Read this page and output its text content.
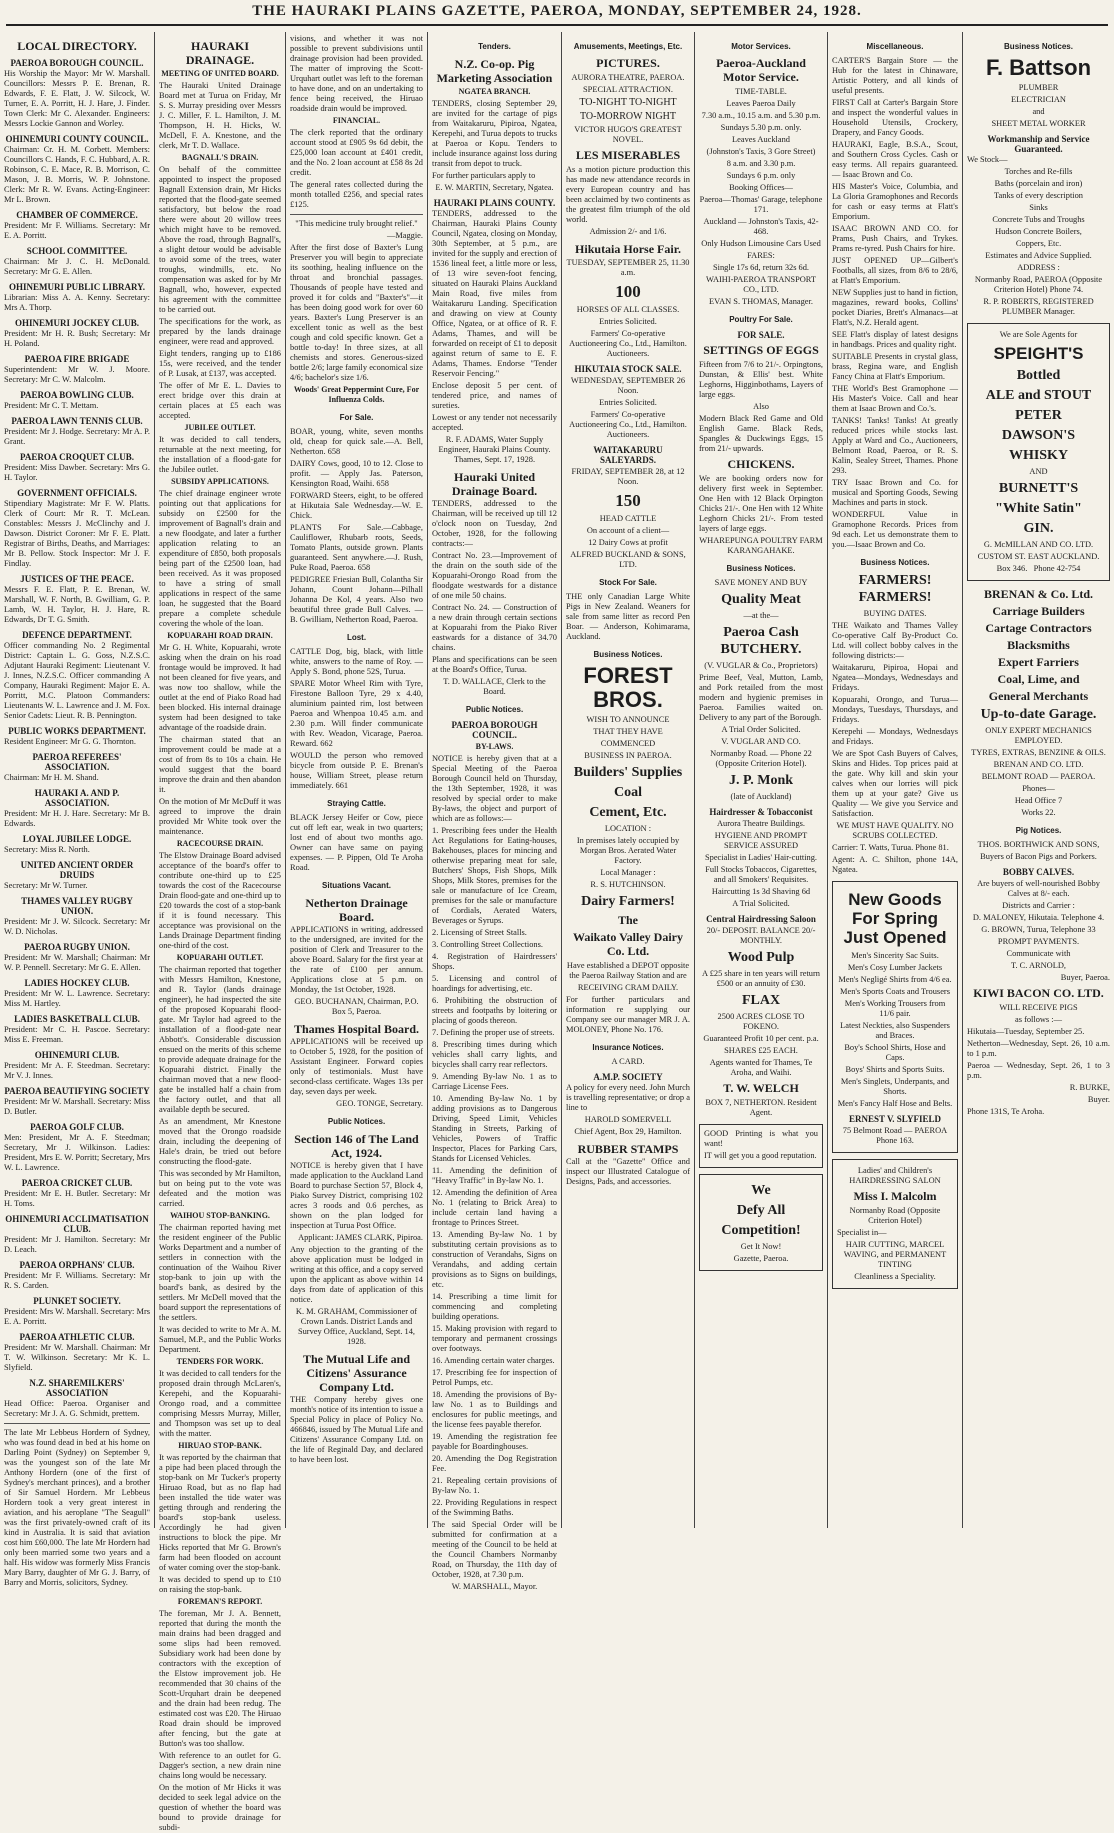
THE HAURAKI PLAINS GAZETTE, PAEROA, MONDAY, SEPTEMBER 24, 1928.
LOCAL DIRECTORY.
PAEROA BOROUGH COUNCIL.
His Worship the Mayor: Mr W. Marshall. Councillors: Messrs P. E. Brenan, R. Edwards, F. E. Flatt, J. W. Silcock, W. Turner, E. A. Porritt, H. J. Hare, J. Finder. Town Clerk: Mr C. Alexander. Engineers: Messrs Lockie Gannon and Worley.
OHINEMURI COUNTY COUNCIL.
Chairman: Cr. H. M. Corbett. Members: Councillors C. Hands, F. C. Hubbard, A. R. Robinson, C. E. Mace, R. B. Morrison, C. Mason, J. B. Morris, W. P. Johnstone. Clerk: Mr R. W. Evans. Acting-Engineer: Mr L. Brown.
CHAMBER OF COMMERCE.
President: Mr F. Williams. Secretary: Mr E. A. Porritt.
SCHOOL COMMITTEE.
Chairman: Mr J. C. H. McDonald. Secretary: Mr G. E. Allen.
OHINEMURI PUBLIC LIBRARY.
Librarian: Miss A. A. Kenny. Secretary: Mrs A. Thorp.
OHINEMURI JOCKEY CLUB.
President: Mr H. R. Bush; Secretary: Mr H. Poland.
PAEROA FIRE BRIGADE
Superintendent: Mr W. J. Moore. Secretary: Mr C. W. Malcolm.
PAEROA BOWLING CLUB.
President: Mr C. T. Mettam.
PAEROA LAWN TENNIS CLUB.
President: Mr J. Hodge. Secretary: Mr A. P. Grant.
PAEROA CROQUET CLUB.
President: Miss Dawber. Secretary: Mrs G. H. Taylor.
GOVERNMENT OFFICIALS.
Stipendiary Magistrate: Mr F. W. Platts. Clerk of Court: Mr R. T. McLean. Constables: Messrs J. McClinchy and J. Dawson. District Coroner: Mr F. E. Platt. Registrar of Births, Deaths, and Marriages: Mr B. Pellow. Stock Inspector: Mr J. F. Findlay.
JUSTICES OF THE PEACE.
Messrs F. E. Flatt, P. E. Brenan, W. Marshall, W. F. North, B. Gwilliam, G. P. Lamb, W. H. Taylor, H. J. Hare, R. Edwards, Dr T. G. Smith.
DEFENCE DEPARTMENT.
Officer commanding No. 2 Regimental District: Captain L. G. Goss, N.Z.S.C. Adjutant Hauraki Regiment: Lieutenant V. J. Innes, N.Z.S.C. Officer commanding A Company, Hauraki Regiment: Major E. A. Porritt, M.C. Platoon Commanders: Lieutenants W. L. Lawrence and J. M. Fox. Senior Cadets: Lieut. R. B. Pennington.
PUBLIC WORKS DEPARTMENT.
Resident Engineer: Mr G. G. Thornton.
PAEROA REFEREES' ASSOCIATION.
Chairman: Mr H. M. Shand.
HAURAKI A. AND P. ASSOCIATION.
President: Mr H. J. Hare. Secretary: Mr B. Edwards.
LOYAL JUBILEE LODGE.
Secretary: Miss R. North.
UNITED ANCIENT ORDER DRUIDS
Secretary: Mr W. Turner.
THAMES VALLEY RUGBY UNION.
President: Mr J. W. Silcock. Secretary: Mr W. D. Nicholas.
PAEROA RUGBY UNION.
President: Mr W. Marshall; Chairman: Mr W. P. Pennell. Secretary: Mr G. E. Allen.
LADIES HOCKEY CLUB.
President: Mr W. L. Lawrence. Secretary: Miss M. Hartley.
LADIES BASKETBALL CLUB.
President: Mr C. H. Pascoe. Secretary: Miss E. Freeman.
OHINEMURI CLUB.
President: Mr A. F. Steedman. Secretary: Mr V. J. Innes.
PAEROA BEAUTIFYING SOCIETY
President: Mr W. Marshall. Secretary: Miss D. Butler.
PAEROA GOLF CLUB.
Men: President, Mr A. F. Steedman; Secretary, Mr J. Wilkinson. Ladies: President, Mrs E. W. Porritt; Secretary, Mrs W. L. Lawrence.
PAEROA CRICKET CLUB.
President: Mr E. H. Butler. Secretary: Mr H. Toms.
OHINEMURI ACCLIMATISATION CLUB.
President: Mr J. Hamilton. Secretary: Mr D. Leach.
PAEROA ORPHANS' CLUB.
President: Mr F. Williams. Secretary: Mr R. S. Carden.
PLUNKET SOCIETY.
President: Mrs W. Marshall. Secretary: Mrs E. A. Porritt.
PAEROA ATHLETIC CLUB.
President: Mr W. Marshall. Chairman: Mr T. W. Wilkinson. Secretary: Mr K. L. Slyfield.
N.Z. SHAREMILKERS' ASSOCIATION
Head Office: Paeroa. Organiser and Secretary: Mr J. A. G. Schmidt, prettem.
The late Mr Lebbeus Hordern of Sydney, who was found dead in bed at his home on Darling Point (Sydney) on September 9, was the youngest son of the late Mr Anthony Hordern (one of the first of Sydney's merchant princes), and a brother of Sir Samuel Hordern. Mr Lebbeus Hordern took a very great interest in aviation, and his aeroplane "The Seagull" was the first privately-owned craft of its kind in Australia. It is said that aviation cost him £60,000. The late Mr Hordern had only been married some two years and a half. His widow was formerly Miss Francis Mary Barry, daughter of Mr G. J. Barry, of Barry and Morris, solicitors, Sydney.
HAURAKI DRAINAGE.
MEETING OF UNITED BOARD.
The Hauraki United Drainage Board met at Turua on Friday, Mr S. S. Murray presiding over Messrs J. C. Miller, F. L. Hamilton, J. M. Thompson, H. H. Hicks, W. McDell, F. A. Knestone, and the clerk, Mr T. D. Wallace.
BAGNALL'S DRAIN.
On behalf of the committee appointed to inspect the proposed Bagnall Extension drain, Mr Hicks reported that the flood-gate seemed satisfactory, but below the road there were about 20 willow trees which might have to be removed. Above the road, through Bagnall's, a slight detour would be advisable to avoid some of the trees, water troughs, windmills, etc. No compensation was asked for by Mr Bagnall, who, however, expected his agreement with the committee to be carried out.
The specifications for the work, as prepared by the lands drainage engineer, were read and approved.
Eight tenders, ranging up to £186 15s, were received, and the tender of P. Lusak, at £137, was accepted.
The offer of Mr E. L. Davies to erect bridge over this drain at certain places at £5 each was accepted.
JUBILEE OUTLET.
It was decided to call tenders, returnable at the next meeting, for the installation of a flood-gate for the Jubilee outlet.
SUBSIDY APPLICATIONS.
The chief drainage engineer wrote pointing out that applications for subsidy on £2500 for the improvement of Bagnall's drain and a new floodgate, and later a further application relating to an expenditure of £850, both proposals being part of the £2500 loan, had been received. As it was proposed to have a string of small applications in respect of the same loan, he suggested that the Board prepare a complete schedule covering the whole of the loan.
KOPUARAHI ROAD DRAIN.
Mr G. H. White, Kopuarahi, wrote asking when the drain on his road frontage would be improved. It had not been cleaned for five years, and was now too shallow, while the outlet at the end of Piako Road had been blocked. His internal drainage system had been designed to take advantage of the roadside drain.
The chairman stated that an improvement could be made at a cost of from 8s to 10s a chain. He would suggest that the board improve the drain and then abandon it.
On the motion of Mr McDuff it was agreed to improve the drain provided Mr White took over the maintenance.
RACECOURSE DRAIN.
The Elstow Drainage Board advised acceptance of the board's offer to contribute one-third up to £25 towards the cost of the Racecourse Drain flood-gate and one-third up to £20 towards the cost of a stop-bank if it is found necessary. This acceptance was provisional on the Lands Drainage Department finding one-third of the cost.
KOPUARAHI OUTLET.
The chairman reported that together with Messrs Hamilton, Knestone, and R. Taylor (lands drainage engineer), he had inspected the site of the proposed Kopuarahi flood-gate. Mr Taylor had agreed to the installation of a flood-gate near Abbott's. Considerable discussion ensued on the merits of this scheme to provide adequate drainage for the Kopuarahi district. Finally the chairman moved that a new flood-gate be installed half a chain from the factory outlet, and that all available depth be secured.
As an amendment, Mr Knestone moved that the Orongo roadside drain, including the deepening of Hale's drain, be tried out before constructing the flood-gate.
This was seconded by Mr Hamilton, but on being put to the vote was defeated and the motion was carried.
WAIHOU STOP-BANKING.
The chairman reported having met the resident engineer of the Public Works Department and a number of settlers in connection with the continuation of the Waihou River stop-bank to join up with the board's bank, as desired by the settlers. Mr McDell moved that the board support the representations of the settlers.
It was decided to write to Mr A. M. Samuel, M.P., and the Public Works Department.
TENDERS FOR WORK.
It was decided to call tenders for the proposed drain through McLaren's, Kerepehi, and the Kopuarahi-Orongo road, and a committee comprising Messrs Murray, Miller, and Thompson was set up to deal with the matter.
HIRUAO STOP-BANK.
It was reported by the chairman that a pipe had been placed through the stop-bank on Mr Tucker's property Hiruao Road, but as no flap had been installed the tide water was getting through and rendering the board's stop-bank useless. Accordingly he had given instructions to block the pipe. Mr Hicks reported that Mr G. Brown's farm had been flooded on account of water coming over the stop-bank.
It was decided to spend up to £10 on raising the stop-bank.
FOREMAN'S REPORT.
The foreman, Mr J. A. Bennett, reported that during the month the main drains had been dragged and some slips had been removed. Subsidiary work had been done by contractors with the exception of the Elstow improvement job. He recommended that 30 chains of the Scott-Urquhart drain be deepened and the drain had been redug. The estimated cost was £20. The Hiruao Road drain should be improved after fencing, but the gate at Button's was too shallow.
With reference to an outlet for G. Dagger's section, a new drain nine chains long would be necessary.
On the motion of Mr Hicks it was decided to seek legal advice on the question of whether the board was bound to provide drainage for subdi-
visions, and whether it was not possible to prevent subdivisions until drainage provision had been provided. The matter of improving the Scott-Urquhart outlet was left to the foreman to have done, and on an undertaking to fence being received, the Hiruao roadside drain would be improved.
FINANCIAL.
The clerk reported that the ordinary account stood at £905 9s 6d debit, the £25,000 loan account at £401 credit, and the No. 2 loan account at £58 8s 2d credit.
The general rates collected during the month totalled £256, and special rates £125.
"This medicine truly brought relief."
—Maggie.
After the first dose of Baxter's Lung Preserver you will begin to appreciate its soothing, healing influence on the throat and bronchial passages. Thousands of people have tested and proved it for colds and "Baxter's"—it has been doing good work for over 60 years. Baxter's Lung Preserver is an excellent tonic as well as the best cough and cold specific known. Get a bottle to-day! In three sizes, at all chemists and stores. Generous-sized bottle 2/6; large family economical size 4/6; bachelor's size 1/6.
Woods' Great Peppermint Cure, For Influenza Colds.
For Sale.
BOAR, young, white, seven months old, cheap for quick sale.—A. Bell, Netherton. 658
DAIRY Cows, good, 10 to 12. Close to profit. — Apply Jas. Paterson, Kensington Road, Waihi. 658
FORWARD Steers, eight, to be offered at Hikutaia Sale Wednesday.—W. E. Chick.
PLANTS For Sale.—Cabbage, Cauliflower, Rhubarb roots, Seeds, Tomato Plants, outside grown. Plants guaranteed. Sent anywhere.—J. Rush, Puke Road, Paeroa. 658
PEDIGREE Friesian Bull, Colantha Sir Johann, Count Johann—Pilhall Johanna De Kol, 4 years. Also two beautiful three grade Bull Calves. — B. Gwilliam, Netherton Road, Paeroa.
Lost.
CATTLE Dog, big, black, with little white, answers to the name of Roy. — Apply S. Bond, phone 52S, Turua.
SPARE Motor Wheel Rim with Tyre, Firestone Balloon Tyre, 29 x 4.40, aluminium painted rim, lost between Paeroa and Whenpoa 10.45 a.m. and 2.30 p.m. Will finder communicate with Rev. Weadon, Vicarage, Paeroa. Reward. 662
WOULD the person who removed bicycle from outside P. E. Brenan's house, William Street, please return immediately. 661
Straying Cattle.
BLACK Jersey Heifer or Cow, piece cut off left ear, weak in two quarters; lost end of about two months ago. Owner can have same on paying expenses. — P. Pippen, Old Te Aroha Road.
Situations Vacant.
Netherton Drainage Board.
APPLICATIONS in writing, addressed to the undersigned, are invited for the position of Clerk and Treasurer to the above Board. Salary for the first year at the rate of £100 per annum. Applications close at 5 p.m. on Monday, the 1st October, 1928.
GEO. BUCHANAN, Chairman, P.O. Box 5, Paeroa.
Thames Hospital Board.
APPLICATIONS will be received up to October 5, 1928, for the position of Assistant Engineer. Forward copies only of testimonials. Must have second-class certificate. Wages 13s per day, seven days per week.
GEO. TONGE, Secretary.
Public Notices.
Section 146 of The Land Act, 1924.
NOTICE is hereby given that I have made application to the Auckland Land Board to purchase Section 57, Block 4, Piako Survey District, comprising 102 acres 3 roods and 0.6 perches, as shown on the plan lodged for inspection at Turua Post Office.
Applicant: JAMES CLARK, Pipiroa.
Any objection to the granting of the above application must be lodged in writing at this office, and a copy served upon the applicant as above within 14 days from date of application of this notice.
K. M. GRAHAM, Commissioner of Crown Lands. District Lands and Survey Office, Auckland, Sept. 14, 1928.
The Mutual Life and Citizens' Assurance Company Ltd.
THE Company hereby gives one month's notice of its intention to issue a Special Policy in place of Policy No. 466846, issued by The Mutual Life and Citizens' Assurance Company Ltd. on the life of Reginald Day, and declared to have been lost.
Tenders.
N.Z. Co-op. Pig Marketing Association
NGATEA BRANCH.
TENDERS, closing September 29, are invited for the cartage of pigs from Waitakaruru, Pipiroa, Ngatea, Kerepehi, and Turua depots to trucks at Paeroa or Kopu. Tenders to include insurance against loss during transit from depot to truck.
For further particulars apply to
E. W. MARTIN, Secretary, Ngatea.
HAURAKI PLAINS COUNTY.
TENDERS, addressed to the Chairman, Hauraki Plains County Council, Ngatea, closing on Monday, 30th September, at 5 p.m., are invited for the supply and erection of 1536 lineal feet, a little more or less, of 13 wire seven-foot fencing, situated on Hauraki Plains Auckland Main Road, five miles from Waitakaruru Landing. Specification and drawing on view at County Office, Ngatea, or at office of R. F. Adams, Thames, and will be forwarded on receipt of £1 to deposit against return of same to E. F. Adams, Thames. Endorse "Tender Reservoir Fencing."
Enclose deposit 5 per cent. of tendered price, and names of sureties.
Lowest or any tender not necessarily accepted.
R. F. ADAMS, Water Supply Engineer, Hauraki Plains County. Thames, Sept. 17, 1928.
Hauraki United Drainage Board.
TENDERS, addressed to the Chairman, will be received up till 12 o'clock noon on Tuesday, 2nd October, 1928, for the following contracts:—
Contract No. 23.—Improvement of the drain on the south side of the Kopuarahi-Orongo Road from the floodgate westwards for a distance of one mile 50 chains.
Contract No. 24. — Construction of a new drain through certain sections at Kopuarahi from the Piako River eastwards for a distance of 34.70 chains.
Plans and specifications can be seen at the Board's Office, Turua.
T. D. WALLACE, Clerk to the Board.
Public Notices.
PAEROA BOROUGH COUNCIL.
BY-LAWS.
NOTICE is hereby given that at a Special Meeting of the Paeroa Borough Council held on Thursday, the 13th September, 1928, it was resolved by special order to make By-laws, the object and purport of which are as follows:—
1. Prescribing fees under the Health Act Regulations for Eating-houses, Bakehouses, places for mincing and otherwise preparing meat for sale, Butchers' Shops, Fish Shops, Milk Shops, Milk Stores, premises for the sale or manufacture of Ice Cream, premises for the sale or manufacture of Cordials, Aerated Waters, Beverages or Syrups.
2. Licensing of Street Stalls.
3. Controlling Street Collections.
4. Registration of Hairdressers' Shops.
5. Licensing and control of hoardings for advertising, etc.
6. Prohibiting the obstruction of streets and footpaths by loitering or placing of goods thereon.
7. Defining the proper use of streets.
8. Prescribing times during which vehicles shall carry lights, and bicycles shall carry rear reflectors.
9. Amending By-law No. 1 as to Carriage License Fees.
10. Amending By-law No. 1 by adding provisions as to Dangerous Driving, Speed Limit, Vehicles Standing in Streets, Parking of Vehicles, Powers of Traffic Inspector, Places for Parking Cars, Stands for Licensed Vehicles.
11. Amending the definition of "Heavy Traffic" in By-law No. 1.
12. Amending the definition of Area No. 1 (relating to Brick Area) to include certain land having a frontage to Princes Street.
13. Amending By-law No. 1 by substituting certain provisions as to construction of Verandahs, Signs on Verandahs, and adding certain provisions as to Signs on buildings, etc.
14. Prescribing a time limit for commencing and completing building operations.
15. Making provision with regard to temporary and permanent crossings over footways.
16. Amending certain water charges.
17. Prescribing fee for inspection of Petrol Pumps, etc.
18. Amending the provisions of By-law No. 1 as to Buildings and enclosures for public meetings, and the license fees payable therefor.
19. Amending the registration fee payable for Boardinghouses.
20. Amending the Dog Registration Fee.
21. Repealing certain provisions of By-law No. 1.
22. Providing Regulations in respect of the Swimming Baths.
The said Special Order will be submitted for confirmation at a meeting of the Council to be held at the Council Chambers Normanby Road, on Thursday, the 11th day of October, 1928, at 7.30 p.m.
W. MARSHALL, Mayor.
Amusements, Meetings, Etc.
PICTURES.
AURORA THEATRE, PAEROA.
SPECIAL ATTRACTION.
TO-NIGHT TO-NIGHT
TO-MORROW NIGHT
VICTOR HUGO'S GREATEST NOVEL.
LES MISERABLES
As a motion picture production this has made new attendance records in every European country and has been acclaimed by two continents as the greatest film triumph of the old world.
Admission 2/- and 1/6.
Hikutaia Horse Fair.
TUESDAY, SEPTEMBER 25, 11.30 a.m.
100
HORSES OF ALL CLASSES.
Entries Solicited.
Farmers' Co-operative Auctioneering Co., Ltd., Hamilton. Auctioneers.
HIKUTAIA STOCK SALE.
WEDNESDAY, SEPTEMBER 26 Noon.
Entries Solicited.
Farmers' Co-operative Auctioneering Co., Ltd., Hamilton. Auctioneers.
WAITAKARURU SALEYARDS.
FRIDAY, SEPTEMBER 28, at 12 Noon.
150
HEAD CATTLE
On account of a client—
12 Dairy Cows at profit
ALFRED BUCKLAND & SONS, LTD.
Stock For Sale.
THE only Canadian Large White Pigs in New Zealand. Weaners for sale from same litter as record Pen Boar. — Anderson, Kohimarama, Auckland.
Business Notices.
FOREST BROS.
WISH TO ANNOUNCE
THAT THEY HAVE
COMMENCED
BUSINESS IN PAEROA.
Builders' Supplies
Coal
Cement, Etc.
LOCATION :
In premises lately occupied by Morgan Bros. Aerated Water Factory.
Local Manager :
R. S. HUTCHINSON.
Dairy Farmers!
The
Waikato Valley Dairy Co. Ltd.
Have established a DEPOT opposite the Paeroa Railway Station and are
RECEIVING CRAM DAILY.
For further particulars and information re supplying our Company see our manager MR J. A. MOLONEY, Phone No. 176.
Insurance Notices.
A CARD.
A.M.P. SOCIETY
A policy for every need. John Murch is travelling representative; or drop a line to
HAROLD SOMERVELL
Chief Agent, Box 29, Hamilton.
RUBBER STAMPS
Call at the "Gazette" Office and inspect our Illustrated Catalogue of Designs, Pads, and accessories.
Motor Services.
Paeroa-Auckland Motor Service.
TIME-TABLE.
Leaves Paeroa Daily
7.30 a.m., 10.15 a.m. and 5.30 p.m.
Sundays 5.30 p.m. only.
Leaves Auckland
(Johnston's Taxis, 3 Gore Street)
8 a.m. and 3.30 p.m.
Sundays 6 p.m. only
Booking Offices—
Paeroa—Thomas' Garage, telephone 171.
Auckland — Johnston's Taxis, 42-468.
Only Hudson Limousine Cars Used
FARES:
Single 17s 6d, return 32s 6d.
WAIHI-PAEROA TRANSPORT CO., LTD.
EVAN S. THOMAS, Manager.
Poultry For Sale.
FOR SALE.
SETTINGS OF EGGS
Fifteen from 7/6 to 21/-. Orpingtons, Dunstan, & Ellis' best. White Leghorns, Higginbothams, Layers of large eggs.
Also
Modern Black Red Game and Old English Game. Black Reds, Spangles & Duckwings Eggs, 15 from 21/- upwards.
CHICKENS.
We are booking orders now for delivery first week in September. One Hen with 12 Black Orpington Chicks 21/-. One Hen with 12 White Leghorn Chicks 21/-. From tested layers of large eggs.
WHAREPUNGA POULTRY FARM KARANGAHAKE.
Business Notices.
SAVE MONEY AND BUY
Quality Meat
—at the—
Paeroa Cash BUTCHERY.
(V. VUGLAR & Co., Proprietors)
Prime Beef, Veal, Mutton, Lamb, and Pork retailed from the most modern and hygienic premises in Paeroa. Families waited on. Delivery to any part of the Borough.
A Trial Order Solicited.
V. VUGLAR AND CO.
Normanby Road. — Phone 22 (Opposite Criterion Hotel).
J. P. Monk
(late of Auckland)
Hairdresser & Tobacconist
Aurora Theatre Buildings.
HYGIENE AND PROMPT SERVICE ASSURED
Specialist in Ladies' Hair-cutting.
Full Stocks Tobaccos, Cigarettes, and all Smokers' Requisites.
Haircutting 1s 3d Shaving 6d
A Trial Solicited.
Central Hairdressing Saloon
20/- DEPOSIT. BALANCE 20/- MONTHLY.
Wood Pulp
A £25 share in ten years will return £500 or an annuity of £30.
FLAX
2500 ACRES CLOSE TO FOKENO.
Guaranteed Profit 10 per cent. p.a.
SHARES £25 EACH.
Agents wanted for Thames, Te Aroha, and Waihi.
T. W. WELCH
BOX 7, NETHERTON. Resident Agent.
GOOD Printing is what you want!
IT will get you a good reputation.
We
Defy All
Competition!
Get It Now!
Gazette, Paeroa.
Miscellaneous.
CARTER'S Bargain Store — the Hub for the latest in Chinaware, Artistic Pottery, and all kinds of useful presents.
FIRST Call at Carter's Bargain Store and inspect the wonderful values in Household Utensils, Crockery, Drapery, and Fancy Goods.
HAURAKI, Eagle, B.S.A., Scout, and Southern Cross Cycles. Cash or easy terms. All repairs guaranteed. — Isaac Brown and Co.
HIS Master's Voice, Columbia, and La Gloria Gramophones and Records for cash or easy terms at Flatt's Emporium.
ISAAC BROWN AND CO. for Prams, Push Chairs, and Trykes. Prams re-tyred. Push Chairs for hire.
JUST OPENED UP—Gilbert's Footballs, all sizes, from 8/6 to 28/6, at Flatt's Emporium.
NEW Supplies just to hand in fiction, magazines, reward books, Collins' pocket Diaries, Brett's Almanacs—at Flatt's, N.Z. Herald agent.
SEE Flatt's display of latest designs in handbags. Prices and quality right.
SUITABLE Presents in crystal glass, brass, Regina ware, and English Fancy China at Flatt's Emporium.
THE World's Best Gramophone — His Master's Voice. Call and hear them at Isaac Brown and Co.'s.
TANKS! Tanks! Tanks! At greatly reduced prices while stocks last. Apply at Ward and Co., Auctioneers, Belmont Road, Paeroa, or R. S. Kalin, Sealey Street, Thames. Phone 293.
TRY Isaac Brown and Co. for musical and Sporting Goods, Sewing Machines and parts in stock.
WONDERFUL Value in Gramophone Records. Prices from 9d each. Let us demonstrate them to you.—Isaac Brown and Co.
Business Notices.
FARMERS! FARMERS!
BUYING DATES.
THE Waikato and Thames Valley Co-operative Calf By-Product Co. Ltd. will collect bobby calves in the following districts:—
Waitakaruru, Pipiroa, Hopai and Ngatea—Mondays, Wednesdays and Fridays.
Kopuarahi, Orongo, and Turua—Mondays, Tuesdays, Thursdays, and Fridays.
Kerepehi — Mondays, Wednesdays and Fridays.
We are Spot Cash Buyers of Calves, Skins and Hides. Top prices paid at the gate. Why kill and skin your calves when our lorries will pick them up at your gate? Give us Quality — We give you Service and Satisfaction.
WE MUST HAVE QUALITY. NO SCRUBS COLLECTED.
Carrier: T. Watts, Turua. Phone 81.
Agent: A. C. Shilton, phone 14A, Ngatea.
New Goods For Spring Just Opened
Men's Sincerity Sac Suits.
Men's Cosy Lumber Jackets
Men's Negligé Shirts from 4/6 ea.
Men's Sports Coats and Trousers
Men's Working Trousers from 11/6 pair.
Latest Neckties, also Suspenders and Braces.
Boy's School Shirts, Hose and Caps.
Boys' Shirts and Sports Suits.
Men's Singlets, Underpants, and Shorts.
Men's Fancy Half Hose and Belts.
ERNEST V. SLYFIELD
75 Belmont Road — PAEROA Phone 163.
Ladies' and Children's HAIRDRESSING SALON
Miss I. Malcolm
Normanby Road (Opposite Criterion Hotel)
Specialist in—
HAIR CUTTING, MARCEL WAVING, and PERMANENT TINTING
Cleanliness a Speciality.
Business Notices.
F. Battson
PLUMBER
ELECTRICIAN
and
SHEET METAL WORKER
Workmanship and Service Guaranteed.
We Stock—
Torches and Re-fills
Baths (porcelain and iron)
Tanks of every description
Sinks
Concrete Tubs and Troughs
Hudson Concrete Boilers,
Coppers, Etc.
Estimates and Advice Supplied.
ADDRESS :
Normanby Road, PAEROA (Opposite Criterion Hotel) Phone 74.
R. P. ROBERTS, REGISTERED PLUMBER Manager.
We are Sole Agents for
SPEIGHT'S
Bottled
ALE and STOUT
PETER
DAWSON'S
WHISKY
AND
BURNETT'S
"White Satin"
GIN.
G. McMILLAN AND CO. LTD.
CUSTOM ST. EAST AUCKLAND.
Box 346. Phone 42-754
BRENAN & Co. Ltd.
Carriage Builders
Cartage Contractors
Blacksmiths
Expert Farriers
Coal, Lime, and
General Merchants
Up-to-date Garage.
ONLY EXPERT MECHANICS EMPLOYED.
TYRES, EXTRAS, BENZINE & OILS.
BRENAN AND CO. LTD.
BELMONT ROAD — PAEROA.
Phones—
Head Office 7
Works 22.
Pig Notices.
THOS. BORTHWICK AND SONS,
Buyers of Bacon Pigs and Porkers.
BOBBY CALVES.
Are buyers of well-nourished Bobby Calves at 8/- each.
Districts and Carrier :
D. MALONEY, Hikutaia. Telephone 4.
G. BROWN, Turua, Telephone 33
PROMPT PAYMENTS.
Communicate with
T. C. ARNOLD,
Buyer, Paeroa.
KIWI BACON CO. LTD.
WILL RECEIVE PIGS
as follows :—
Hikutaia—Tuesday, September 25.
Netherton—Wednesday, Sept. 26, 10 a.m. to 1 p.m.
Paeroa — Wednesday, Sept. 26, 1 to 3 p.m.
R. BURKE,
Buyer.
Phone 131S, Te Aroha.
